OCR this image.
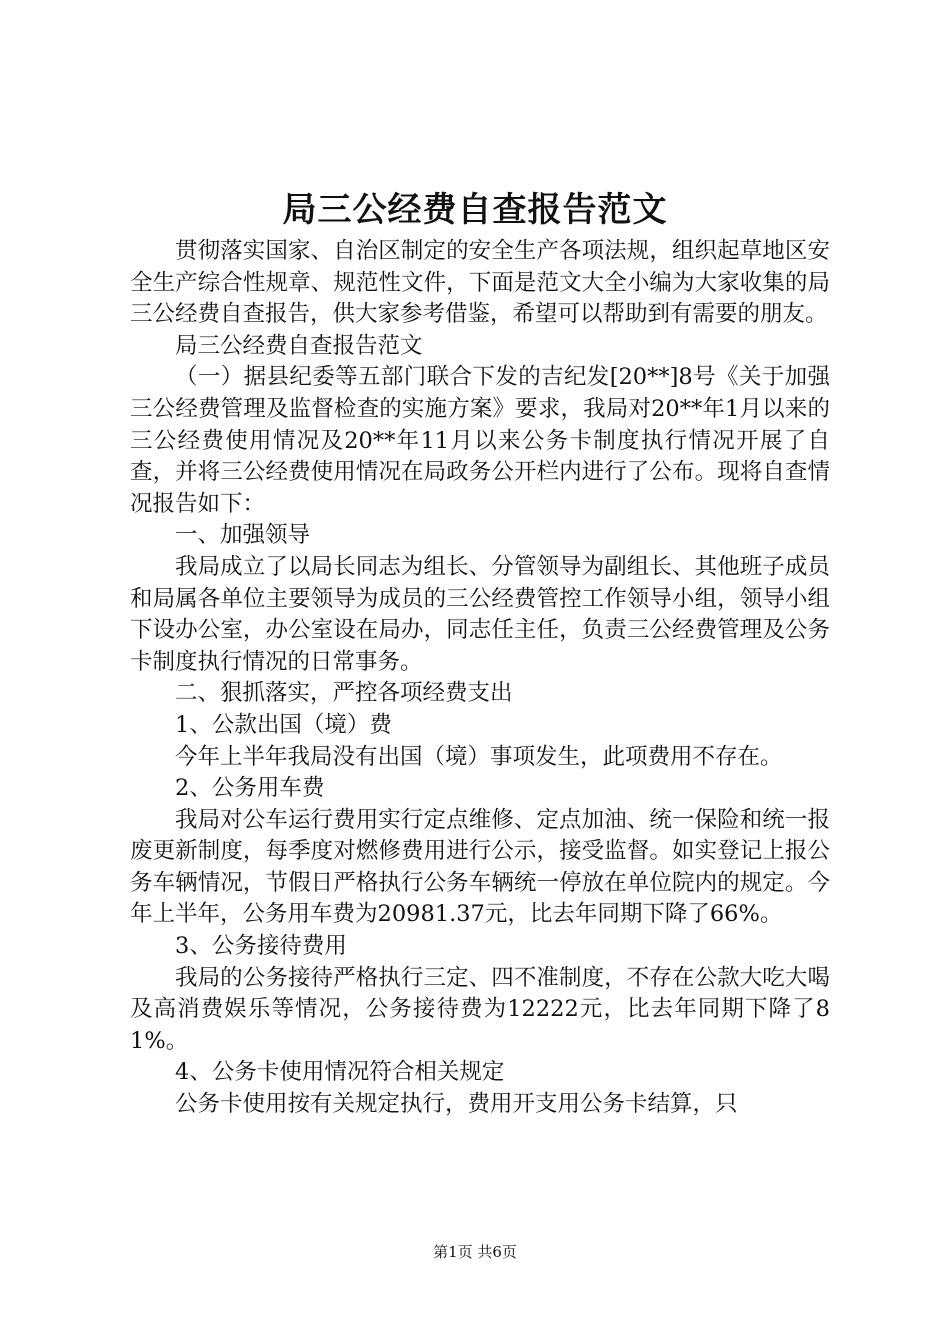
局三公经费自查报告范文

贯彻落实国家、自治区制定的安全生产各项法规，组织起草地区安全生产综合性规章、规范性文件，下面是范文大全小编为大家收集的局三公经费自查报告，供大家参考借鉴，希望可以帮助到有需要的朋友。

局三公经费自查报告范文

（一）据县纪委等五部门联合下发的吉纪发[20**]8号《关于加强三公经费管理及监督检查的实施方案》要求，我局对20**年1月以来的三公经费使用情况及20**年11月以来公务卡制度执行情况开展了自查，并将三公经费使用情况在局政务公开栏内进行了公布。现将自查情况报告如下：

一、加强领导

我局成立了以局长同志为组长、分管领导为副组长、其他班子成员和局属各单位主要领导为成员的三公经费管控工作领导小组，领导小组下设办公室，办公室设在局办，同志任主任，负责三公经费管理及公务卡制度执行情况的日常事务。

二、狠抓落实，严控各项经费支出

1、公款出国（境）费

今年上半年我局没有出国（境）事项发生，此项费用不存在。

2、公务用车费

我局对公车运行费用实行定点维修、定点加油、统一保险和统一报废更新制度，每季度对燃修费用进行公示，接受监督。如实登记上报公务车辆情况，节假日严格执行公务车辆统一停放在单位院内的规定。今年上半年，公务用车费为20981.37元，比去年同期下降了66%。

3、公务接待费用

我局的公务接待严格执行三定、四不准制度，不存在公款大吃大喝及高消费娱乐等情况，公务接待费为12222元，比去年同期下降了81%。

4、公务卡使用情况符合相关规定

公务卡使用按有关规定执行，费用开支用公务卡结算，只

第1页 共6页
